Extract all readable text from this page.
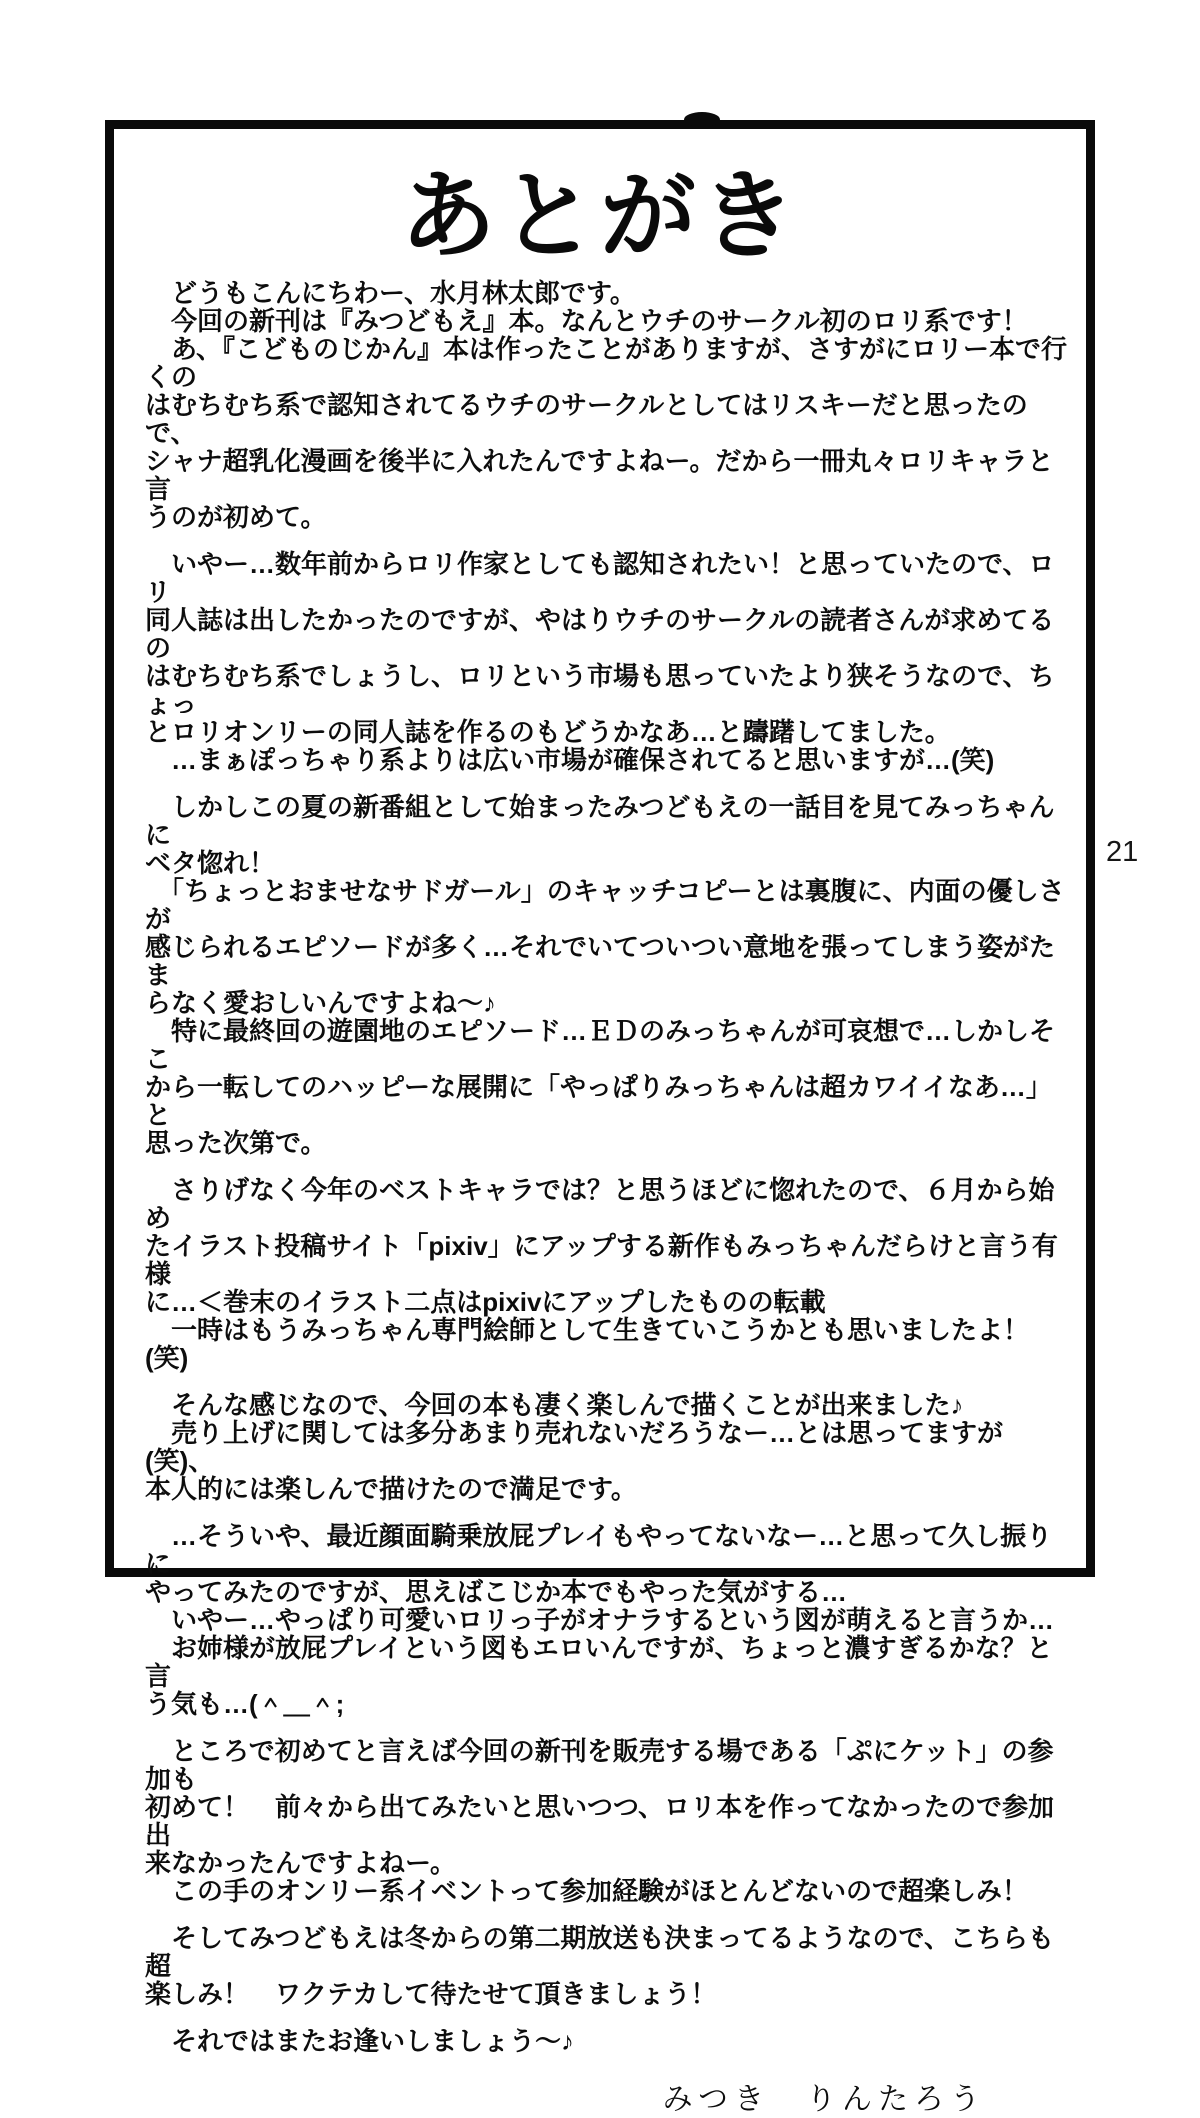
あとがき

　どうもこんにちわー、水月林太郎です。
　今回の新刊は『みつどもえ』本。なんとウチのサークル初のロリ系です！
　あ、『こどものじかん』本は作ったことがありますが、さすがにロリー本で行くの
はむちむち系で認知されてるウチのサークルとしてはリスキーだと思ったので、
シャナ超乳化漫画を後半に入れたんですよねー。だから一冊丸々ロリキャラと言
うのが初めて。

　いやー…数年前からロリ作家としても認知されたい！と思っていたので、ロリ
同人誌は出したかったのですが、やはりウチのサークルの読者さんが求めてるの
はむちむち系でしょうし、ロリという市場も思っていたより狭そうなので、ちょっ
とロリオンリーの同人誌を作るのもどうかなあ…と躊躇してました。
　…まぁぽっちゃり系よりは広い市場が確保されてると思いますが…(笑)

　しかしこの夏の新番組として始まったみつどもえの一話目を見てみっちゃんに
ベタ惚れ！
　「ちょっとおませなサドガール」のキャッチコピーとは裏腹に、内面の優しさが
感じられるエピソードが多く…それでいてついつい意地を張ってしまう姿がたま
らなく愛おしいんですよね～♪
　特に最終回の遊園地のエピソード…ＥＤのみっちゃんが可哀想で…しかしそこ
から一転してのハッピーな展開に「やっぱりみっちゃんは超カワイイなあ…」と
思った次第で。

　さりげなく今年のベストキャラでは？と思うほどに惚れたので、６月から始め
たイラスト投稿サイト「pixiv」にアップする新作もみっちゃんだらけと言う有様
に…＜巻末のイラスト二点はpixivにアップしたものの転載
　一時はもうみっちゃん専門絵師として生きていこうかとも思いましたよ！(笑)

　そんな感じなので、今回の本も凄く楽しんで描くことが出来ました♪
　売り上げに関しては多分あまり売れないだろうなー…とは思ってますが(笑)、
本人的には楽しんで描けたので満足です。

　…そういや、最近顔面騎乗放屁プレイもやってないなー…と思って久し振りに
やってみたのですが、思えばこじか本でもやった気がする…
　いやー…やっぱり可愛いロリっ子がオナラするという図が萌えると言うか…
　お姉様が放屁プレイという図もエロいんですが、ちょっと濃すぎるかな？と言
う気も…(＾＿＾;

　ところで初めてと言えば今回の新刊を販売する場である「ぷにケット」の参加も
初めて！　前々から出てみたいと思いつつ、ロリ本を作ってなかったので参加出
来なかったんですよねー。
　この手のオンリー系イベントって参加経験がほとんどないので超楽しみ！

　そしてみつどもえは冬からの第二期放送も決まってるようなので、こちらも超
楽しみ！　ワクテカして待たせて頂きましょう！

　それではまたお逢いしましょう～♪

みつき　りんたろう
21
